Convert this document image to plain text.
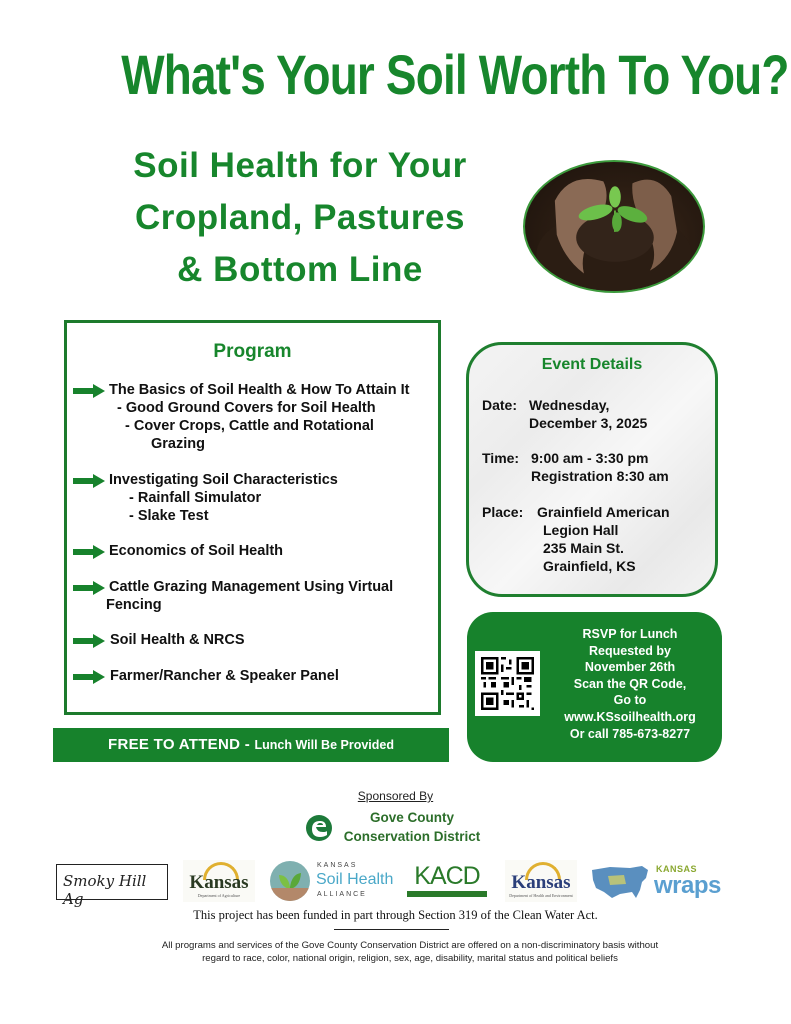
What's Your Soil Worth To You?
Soil Health for Your
Cropland, Pastures
& Bottom Line
Program
The Basics of Soil Health & How To Attain It
- Good Ground Covers for Soil Health
- Cover Crops, Cattle and Rotational
Grazing
Investigating Soil Characteristics
- Rainfall Simulator
- Slake Test
Economics of Soil Health
Cattle Grazing Management Using Virtual
Fencing
Soil Health & NRCS
Farmer/Rancher & Speaker Panel
FREE TO ATTEND - Lunch Will Be Provided
Event Details
Date: Wednesday,
December 3, 2025
Time: 9:00 am - 3:30 pm
Registration 8:30 am
Place: Grainfield American
Legion Hall
235 Main St.
Grainfield, KS
RSVP for Lunch
Requested by
November 26th
Scan the QR Code,
Go to
www.KSsoilhealth.org
Or call 785-673-8277
Sponsored By
Gove County
Conservation District
Smoky Hill Ag
Kansas
Department of Agriculture
KANSAS
Soil Health
ALLIANCE
KACD	Kansas
Department of Health and Environment
KANSAS
wraps
This project has been funded in part through Section 319 of the Clean Water Act.
All programs and services of the Gove County Conservation District are offered on a non-discriminatory basis without
regard to race, color, national origin, religion, sex, age, disability, marital status and political beliefs
